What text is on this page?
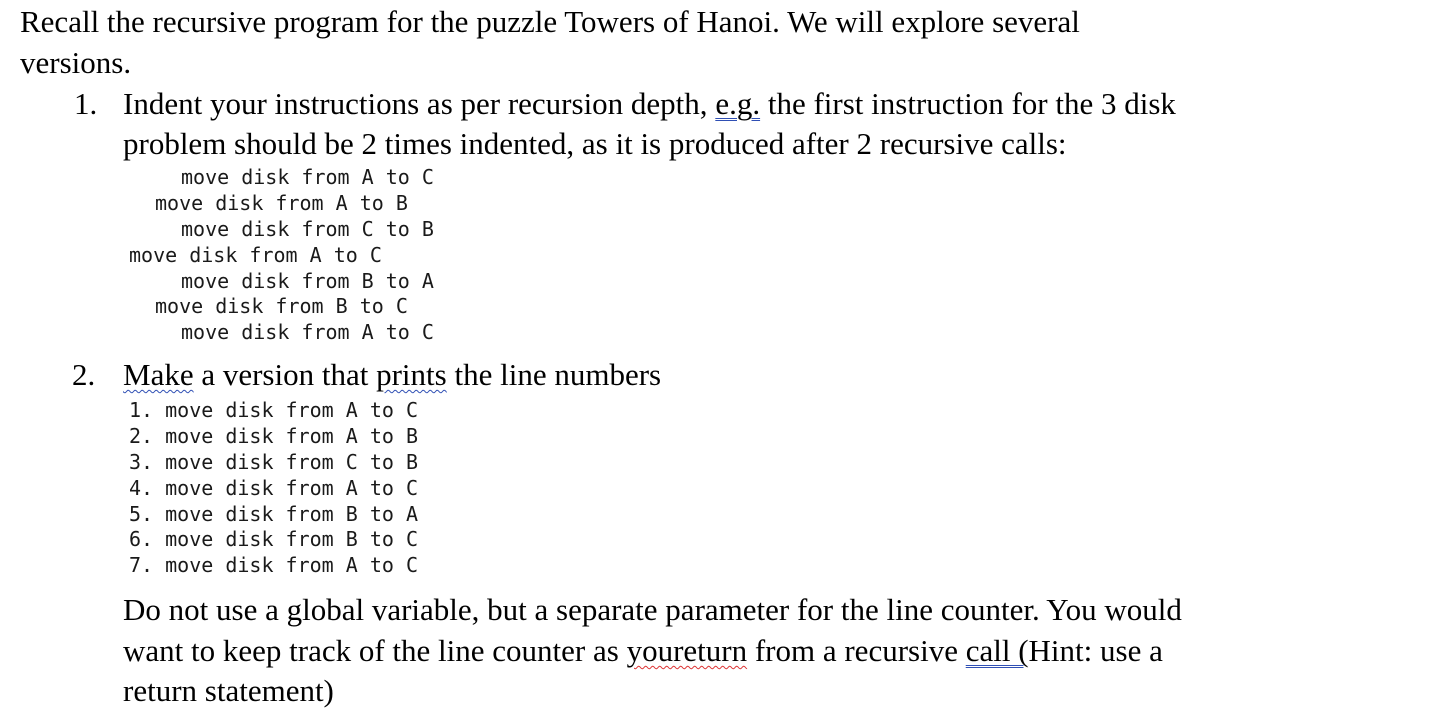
Recall the recursive program for the puzzle Towers of Hanoi. We will explore several

versions.

1. Indent your instructions as per recursion depth, e.g. the first instruction for the 3 disk

problem should be 2 times indented, as it is produced after 2 recursive calls:

move disk from A to C
move disk from A to B
move disk from C to B
move disk from A to C
move disk from B to A
move disk from B to C
move disk from A to C
2. Make a version that prints the line numbers

1. move disk from A to C
2. move disk from A to B
3. move disk from C to B
4. move disk from A to C
5. move disk from B to A
6. move disk from B to C
7. move disk from A to C

Do not use a global variable, but a separate parameter for the line counter. You would

want to keep track of the line counter as youreturn from a recursive call (Hint: use a

return statement)
